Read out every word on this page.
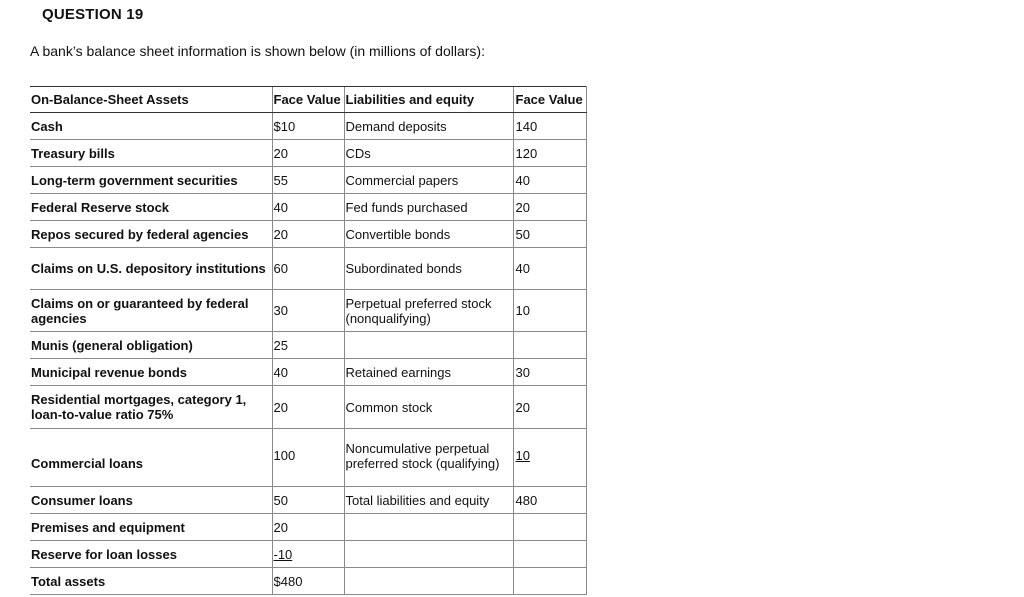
QUESTION 19
A bank’s balance sheet information is shown below (in millions of dollars):
On-Balance-Sheet Assets	Face Value	Liabilities and equity	Face Value
Cash	$10	Demand deposits	140
Treasury bills	20	CDs	120
Long-term government securities	55	Commercial papers	40
Federal Reserve stock	40	Fed funds purchased	20
Repos secured by federal agencies	20	Convertible bonds	50
Claims on U.S. depository institutions	60	Subordinated bonds	40
Claims on or guaranteed by federal agencies	30	Perpetual preferred stock (nonqualifying)	10
Munis (general obligation)	25		
Municipal revenue bonds	40	Retained earnings	30
Residential mortgages, category 1, loan-to-value ratio 75%	20	Common stock	20
Commercial loans	100	Noncumulative perpetual preferred stock (qualifying)	10
Consumer loans	50	Total liabilities and equity	480
Premises and equipment	20		
Reserve for loan losses	-10		
Total assets	$480		
